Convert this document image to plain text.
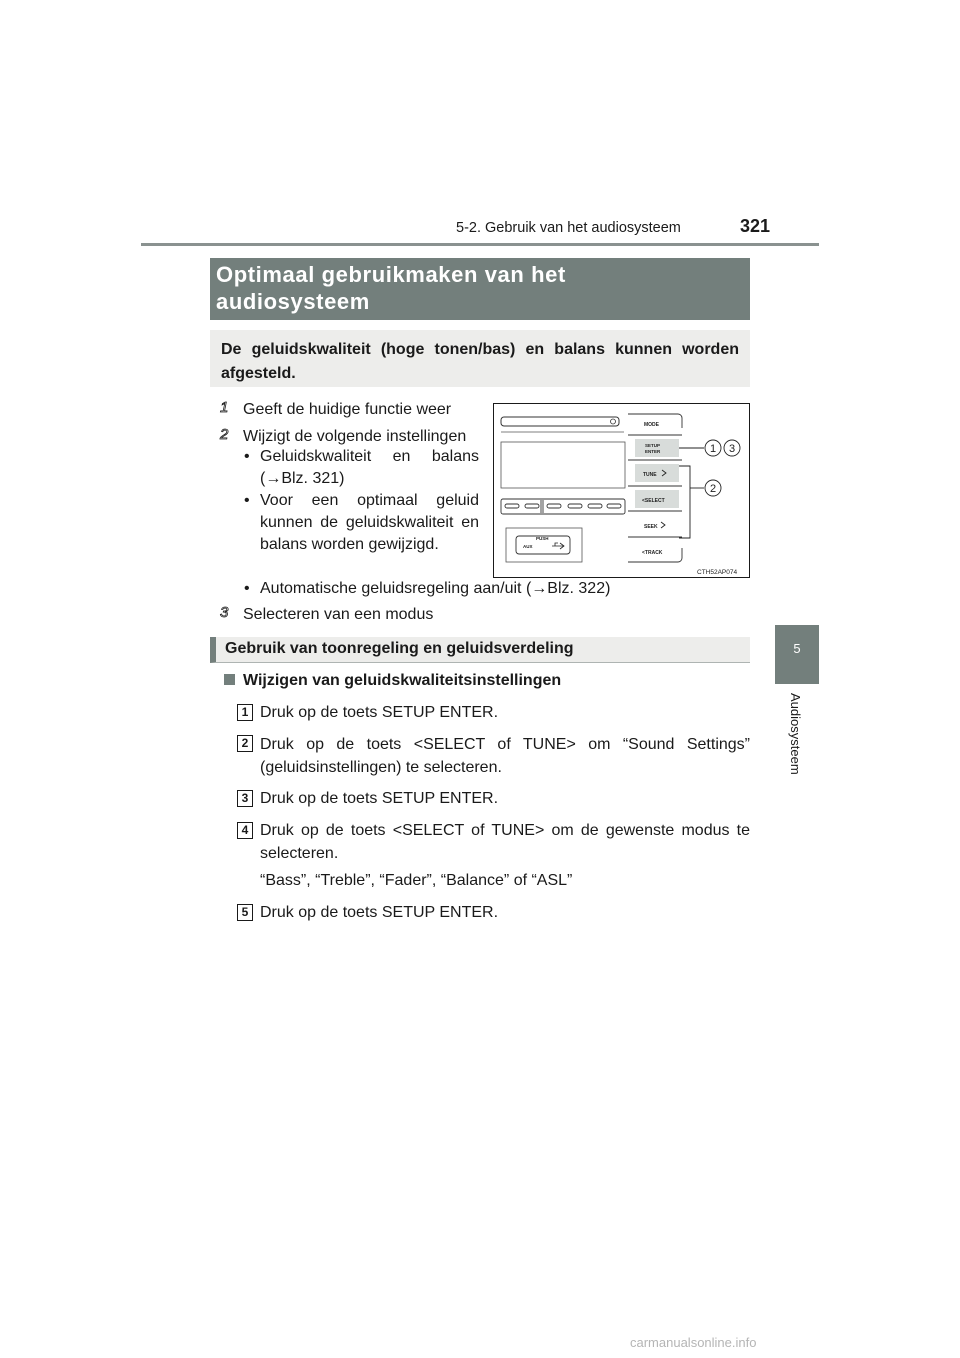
5-2. Gebruik van het audiosysteem	321
5
Audiosysteem
Optimaal gebruikmaken van het
audiosysteem
De geluidskwaliteit (hoge tonen/bas) en balans kunnen worden afgesteld.
1 Geeft de huidige functie weer
2 Wijzigt de volgende instellingen

• Geluidskwaliteit en balans (→Blz. 321)

• Voor een optimaal geluid kunnen de geluidskwaliteit en balans worden gewijzigd.

• Automatische geluidsregeling aan/uit (→Blz. 322)
3 Selecteren van een modus
PUSH
AUX
MODE
SETUP
ENTER
TUNE
<SELECT
SEEK
<TRACK
1 3
2
CTH52AP074
Gebruik van toonregeling en geluidsverdeling
Wijzigen van geluidskwaliteitsinstellingen
1 Druk op de toets SETUP ENTER.
2 Druk op de toets <SELECT of TUNE> om “Sound Settings” (geluidsinstellingen) te selecteren.
3 Druk op de toets SETUP ENTER.
4 Druk op de toets <SELECT of TUNE> om de gewenste modus te selecteren.
“Bass”, “Treble”, “Fader”, “Balance” of “ASL”
5 Druk op de toets SETUP ENTER.
carmanualsonline.info
